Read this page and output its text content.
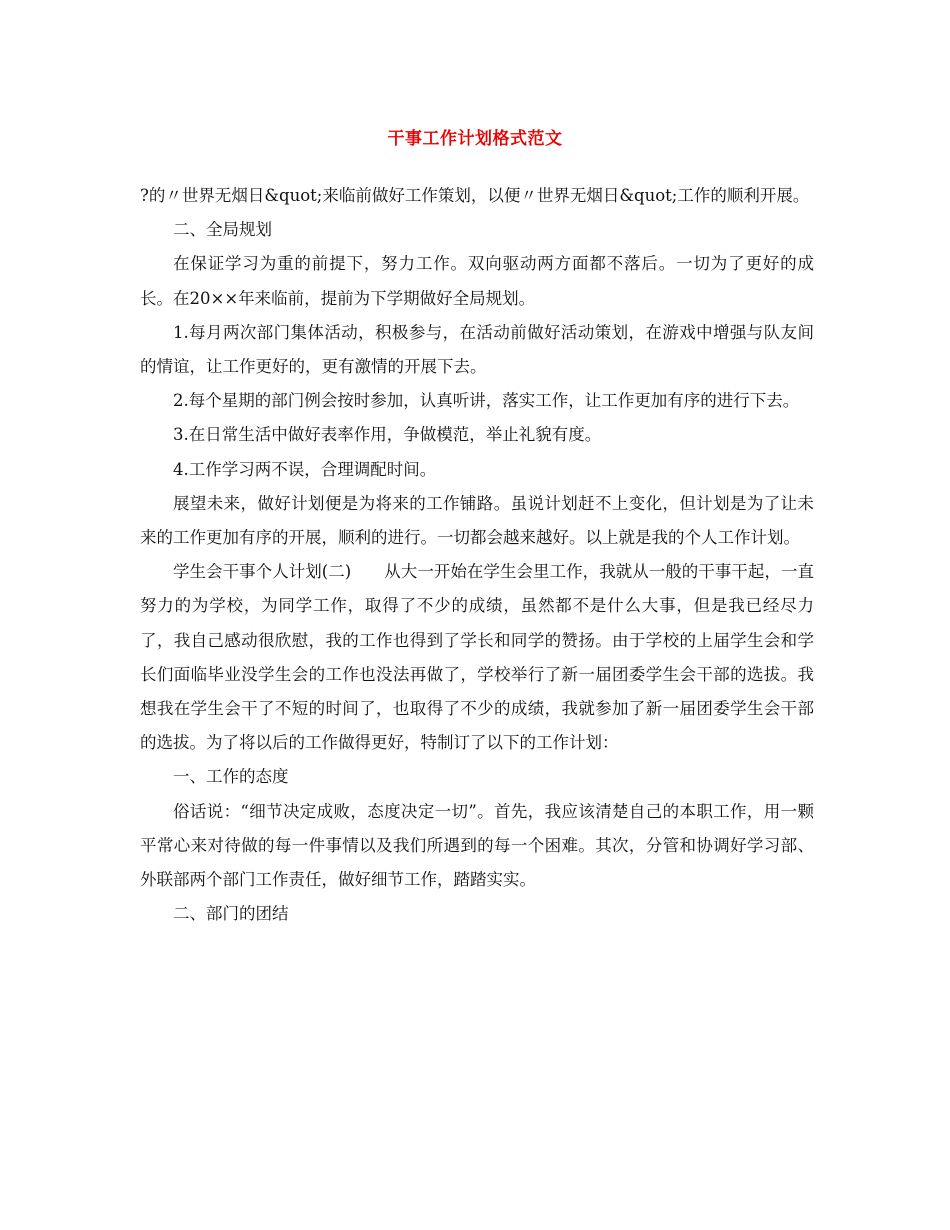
干事工作计划格式范文

?的〃世界无烟日&quot;来临前做好工作策划，以便〃世界无烟日&quot;工作的顺利开展。

二、全局规划

在保证学习为重的前提下，努力工作。双向驱动两方面都不落后。一切为了更好的成长。在20××年来临前，提前为下学期做好全局规划。

1.每月两次部门集体活动，积极参与，在活动前做好活动策划，在游戏中增强与队友间的情谊，让工作更好的，更有激情的开展下去。

2.每个星期的部门例会按时参加，认真听讲，落实工作，让工作更加有序的进行下去。

3.在日常生活中做好表率作用，争做模范，举止礼貌有度。

4.工作学习两不误，合理调配时间。

展望未来，做好计划便是为将来的工作铺路。虽说计划赶不上变化，但计划是为了让未来的工作更加有序的开展，顺利的进行。一切都会越来越好。以上就是我的个人工作计划。

学生会干事个人计划(二)　　从大一开始在学生会里工作，我就从一般的干事干起，一直努力的为学校，为同学工作，取得了不少的成绩，虽然都不是什么大事，但是我已经尽力了，我自己感动很欣慰，我的工作也得到了学长和同学的赞扬。由于学校的上届学生会和学长们面临毕业没学生会的工作也没法再做了，学校举行了新一届团委学生会干部的选拔。我想我在学生会干了不短的时间了，也取得了不少的成绩，我就参加了新一届团委学生会干部的选拔。为了将以后的工作做得更好，特制订了以下的工作计划：

一、工作的态度

俗话说：“细节决定成败，态度决定一切”。首先，我应该清楚自己的本职工作，用一颗平常心来对待做的每一件事情以及我们所遇到的每一个困难。其次，分管和协调好学习部、外联部两个部门工作责任，做好细节工作，踏踏实实。

二、部门的团结
